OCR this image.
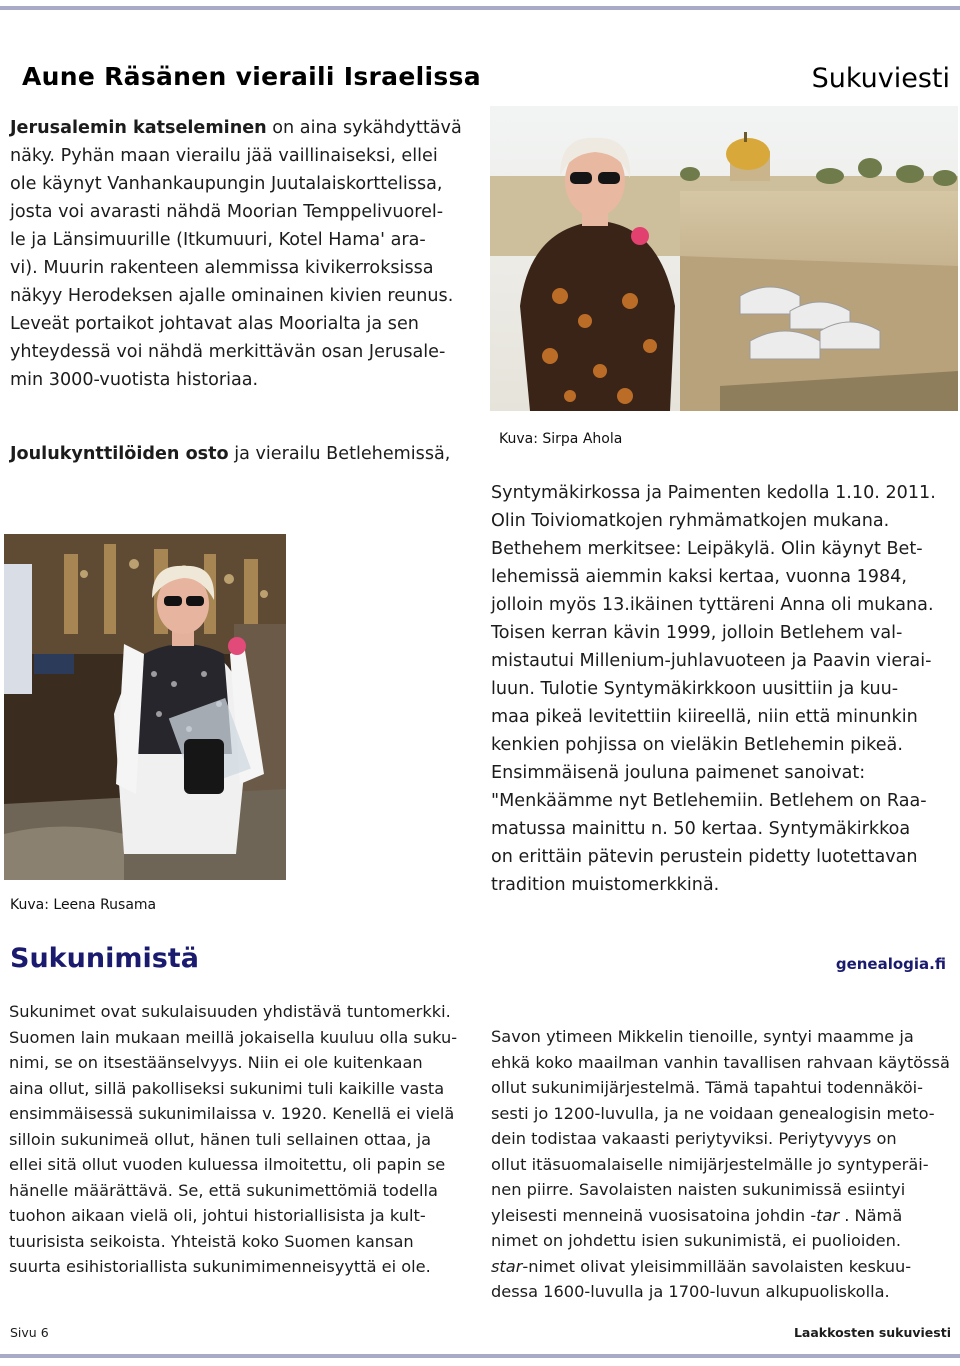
Aune Räsänen vieraili Israelissa	Sukuviesti
Jerusalemin katseleminen on aina sykähdyttävä
näky. Pyhän maan vierailu jää vaillinaiseksi, ellei
ole käynyt Vanhankaupungin Juutalaiskorttelissa,
josta voi avarasti nähdä Moorian Temppelivuorel-
le ja Länsimuurille (Itkumuuri, Kotel Hama' ara-
vi). Muurin rakenteen alemmissa kivikerroksissa
näkyy Herodeksen ajalle ominainen kivien reunus.
Leveät portaikot johtavat alas Moorialta ja sen
yhteydessä voi nähdä merkittävän osan Jerusale-
min 3000-vuotista historiaa.
Kuva: Sirpa Ahola
Joulukynttilöiden osto ja vierailu Betlehemissä,
Kuva: Leena Rusama
Syntymäkirkossa ja Paimenten kedolla 1.10. 2011.
Olin Toiviomatkojen ryhmämatkojen mukana.
Bethehem merkitsee: Leipäkylä. Olin käynyt Bet-
lehemissä aiemmin kaksi kertaa, vuonna 1984,
jolloin myös 13.ikäinen tyttäreni Anna oli mukana.
Toisen kerran kävin 1999, jolloin Betlehem val-
mistautui Millenium-juhlavuoteen ja Paavin vierai-
luun. Tulotie Syntymäkirkkoon uusittiin ja kuu-
maa pikeä levitettiin kiireellä, niin että minunkin
kenkien pohjissa on vieläkin Betlehemin pikeä.
Ensimmäisenä jouluna paimenet sanoivat:
"Menkäämme nyt Betlehemiin. Betlehem on Raa-
matussa mainittu n. 50 kertaa. Syntymäkirkkoa
on erittäin pätevin perustein pidetty luotettavan
tradition muistomerkkinä.
Sukunimistä	genealogia.fi
Sukunimet ovat sukulaisuuden yhdistävä tuntomerkki.
Suomen lain mukaan meillä jokaisella kuuluu olla suku-
nimi, se on itsestäänselvyys. Niin ei ole kuitenkaan
aina ollut, sillä pakolliseksi sukunimi tuli kaikille vasta
ensimmäisessä sukunimilaissa v. 1920. Kenellä ei vielä
silloin sukunimeä ollut, hänen tuli sellainen ottaa, ja
ellei sitä ollut vuoden kuluessa ilmoitettu, oli papin se
hänelle määrättävä. Se, että sukunimettömiä todella
tuohon aikaan vielä oli, johtui historiallisista ja kult-
tuurisista seikoista. Yhteistä koko Suomen kansan
suurta esihistoriallista sukunimimenneisyyttä ei ole.
Savon ytimeen Mikkelin tienoille, syntyi maamme ja
ehkä koko maailman vanhin tavallisen rahvaan käytössä
ollut sukunimijärjestelmä. Tämä tapahtui todennäköi-
sesti jo 1200-luvulla, ja ne voidaan genealogisin meto-
dein todistaa vakaasti periytyviksi. Periytyvyys on
ollut itäsuomalaiselle nimijärjestelmälle jo syntyperäi-
nen piirre. Savolaisten naisten sukunimissä esiintyi
yleisesti menneinä vuosisatoina johdin -tar . Nämä
nimet on johdettu isien sukunimistä, ei puolioiden.
star-nimet olivat yleisimmillään savolaisten keskuu-
dessa 1600-luvulla ja 1700-luvun alkupuoliskolla.
Sivu 6	Laakkosten sukuviesti
